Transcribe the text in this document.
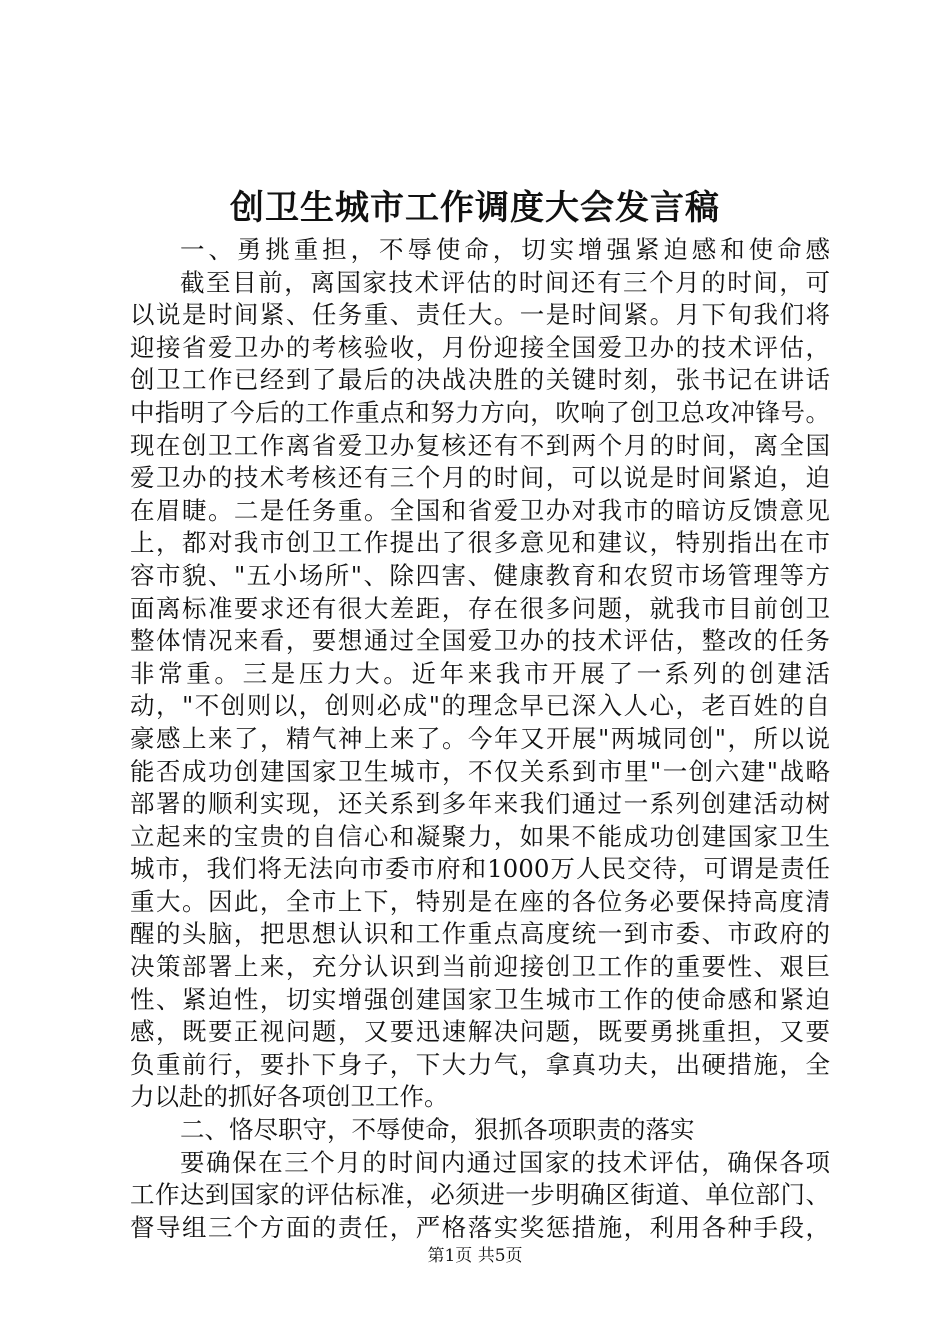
创卫生城市工作调度大会发言稿
一、勇挑重担，不辱使命，切实增强紧迫感和使命感
截至目前，离国家技术评估的时间还有三个月的时间，可
以说是时间紧、任务重、责任大。一是时间紧。月下旬我们将
迎接省爱卫办的考核验收，月份迎接全国爱卫办的技术评估，
创卫工作已经到了最后的决战决胜的关键时刻，张书记在讲话
中指明了今后的工作重点和努力方向，吹响了创卫总攻冲锋号。
现在创卫工作离省爱卫办复核还有不到两个月的时间，离全国
爱卫办的技术考核还有三个月的时间，可以说是时间紧迫，迫
在眉睫。二是任务重。全国和省爱卫办对我市的暗访反馈意见
上，都对我市创卫工作提出了很多意见和建议，特别指出在市
容市貌、"五小场所"、除四害、健康教育和农贸市场管理等方
面离标准要求还有很大差距，存在很多问题，就我市目前创卫
整体情况来看，要想通过全国爱卫办的技术评估，整改的任务
非常重。三是压力大。近年来我市开展了一系列的创建活
动，"不创则以，创则必成"的理念早已深入人心，老百姓的自
豪感上来了，精气神上来了。今年又开展"两城同创"，所以说
能否成功创建国家卫生城市，不仅关系到市里"一创六建"战略
部署的顺利实现，还关系到多年来我们通过一系列创建活动树
立起来的宝贵的自信心和凝聚力，如果不能成功创建国家卫生
城市，我们将无法向市委市府和1000万人民交待，可谓是责任
重大。因此，全市上下，特别是在座的各位务必要保持高度清
醒的头脑，把思想认识和工作重点高度统一到市委、市政府的
决策部署上来，充分认识到当前迎接创卫工作的重要性、艰巨
性、紧迫性，切实增强创建国家卫生城市工作的使命感和紧迫
感，既要正视问题，又要迅速解决问题，既要勇挑重担，又要
负重前行，要扑下身子，下大力气，拿真功夫，出硬措施，全
力以赴的抓好各项创卫工作。
二、恪尽职守，不辱使命，狠抓各项职责的落实
要确保在三个月的时间内通过国家的技术评估，确保各项
工作达到国家的评估标准，必须进一步明确区街道、单位部门、
督导组三个方面的责任，严格落实奖惩措施，利用各种手段，
第1页 共5页
